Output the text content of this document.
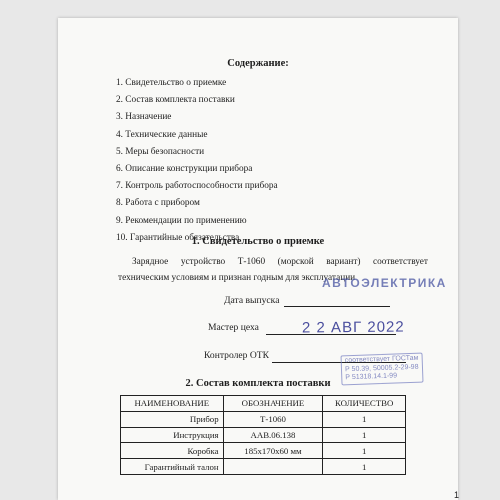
Содержание:
1. Свидетельство о приемке
2. Состав комплекта поставки
3. Назначение
4. Технические данные
5. Меры безопасности
6. Описание конструкции прибора
7. Контроль работоспособности прибора
8. Работа с прибором
9. Рекомендации по применению
10. Гарантийные обязательства
1. Свидетельство о приемке

Зарядное устройство Т-1060 (морской вариант) соответствует техническим условиям и признан годным для эксплуатации

АВТОЭЛЕКТРИКА
Дата выпуска
Мастер цеха	2 2 АВГ 2022
Контролер ОТК	соответствует ГОСТам
Р 50.39, 50005.2-29-98
Р 51318.14.1-99
2. Состав комплекта поставки
НАИМЕНОВАНИЕ	ОБОЗНАЧЕНИЕ	КОЛИЧЕСТВО
Прибор	Т-1060	1
Инструкция	ААВ.06.138	1
Коробка	185х170х60 мм	1
Гарантийный талон		1
1
